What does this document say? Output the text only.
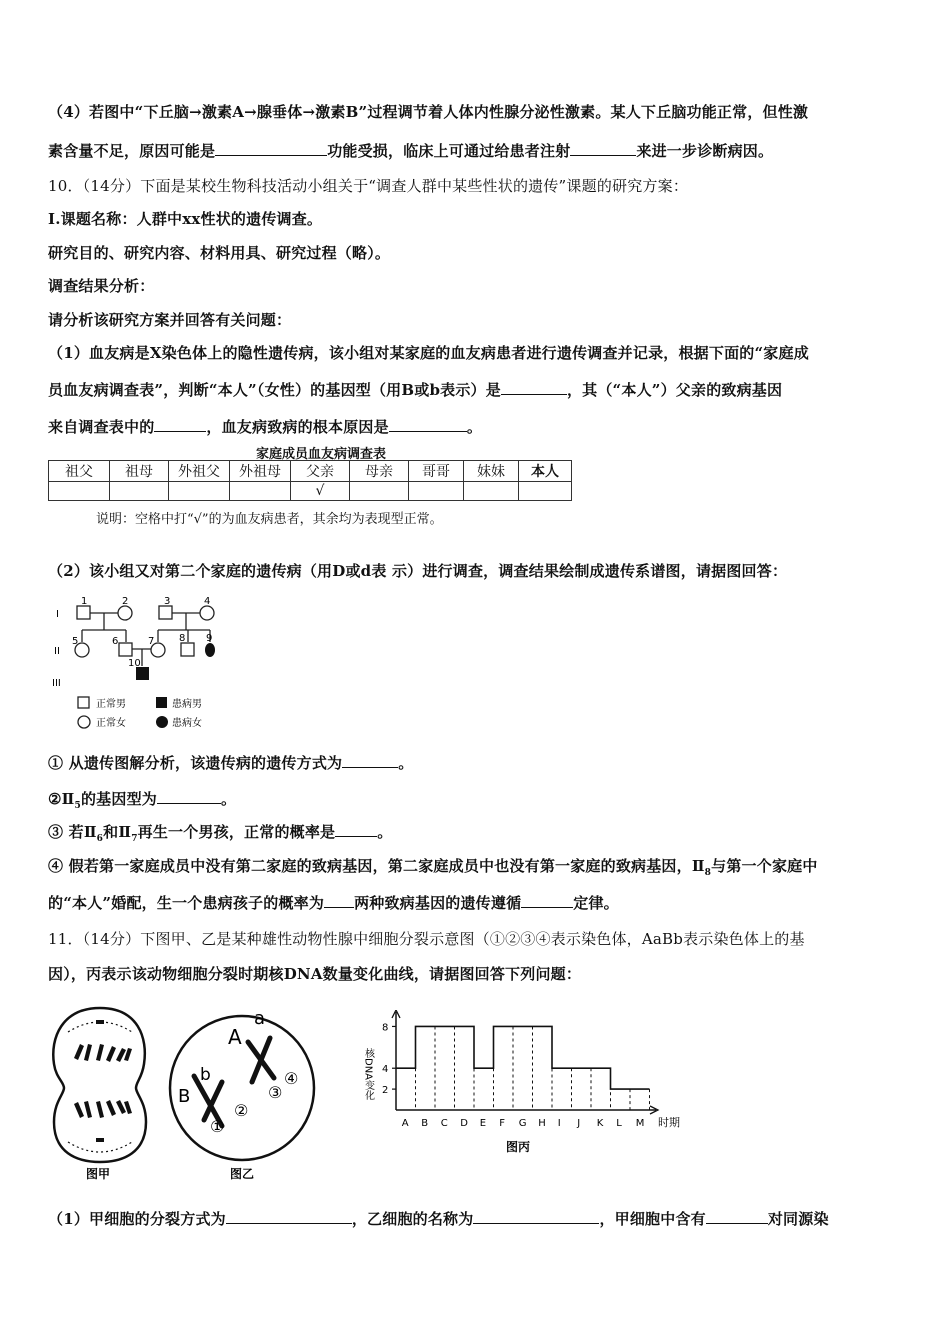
（4）若图中“下丘脑→激素A→腺垂体→激素B”过程调节着人体内性腺分泌性激素。某人下丘脑功能正常，但性激
素含量不足，原因可能是	功能受损，临床上可通过给患者注射	来进一步诊断病因。
10．（14分）下面是某校生物科技活动小组关于“调查人群中某些性状的遗传”课题的研究方案：
I.课题名称：人群中xx性状的遗传调查。
研究目的、研究内容、材料用具、研究过程（略）。
调查结果分析：
请分析该研究方案并回答有关问题：
（1）血友病是X染色体上的隐性遗传病，该小组对某家庭的血友病患者进行遗传调查并记录，根据下面的“家庭成
员血友病调查表”，判断“本人”（女性）的基因型（用B或b表示）是	，其（“本人”）父亲的致病基因
来自调查表中的	，血友病致病的根本原因是	。
家庭成员血友病调查表
祖父	祖母	外祖父	外祖母	父亲	母亲	哥哥	妹妹	本人
				√				
说明：空格中打“√”的为血友病患者，其余均为表现型正常。
（2）该小组又对第二个家庭的遗传病（用D或d表 示）进行调查，调查结果绘制成遗传系谱图，请据图回答：
1	2	3	4
5	6	7 8 9
10
I
II
III
正常男	患病男
正常女	患病女
① 从遗传图解分析，该遗传病的遗传方式为	。
$②Ⅱ_5$的基因型为	。
③ 若$Ⅱ_6$和$Ⅱ_7$再生一个男孩，正常的概率是	。
④ 假若第一家庭成员中没有第二家庭的致病基因，第二家庭成员中也没有第一家庭的致病基因，$Ⅱ_8$与第一个家庭中
的“本人”婚配，生一个患病孩子的概率为 两种致病基因的遗传遵循	定律。
11．（14分）下图甲、乙是某种雄性动物性腺中细胞分裂示意图（①②③④表示染色体，AaBb表示染色体上的基
因），丙表示该动物细胞分裂时期核DNA数量变化曲线，请据图回答下列问题：
图甲
A
a
B
b
①
②
③
④
图乙
2
4
8
A B C D E F G H I J K L M
图丙
核DNA变化
时期
（1）甲细胞的分裂方式为	，乙细胞的名称为	，甲细胞中含有	对同源染
